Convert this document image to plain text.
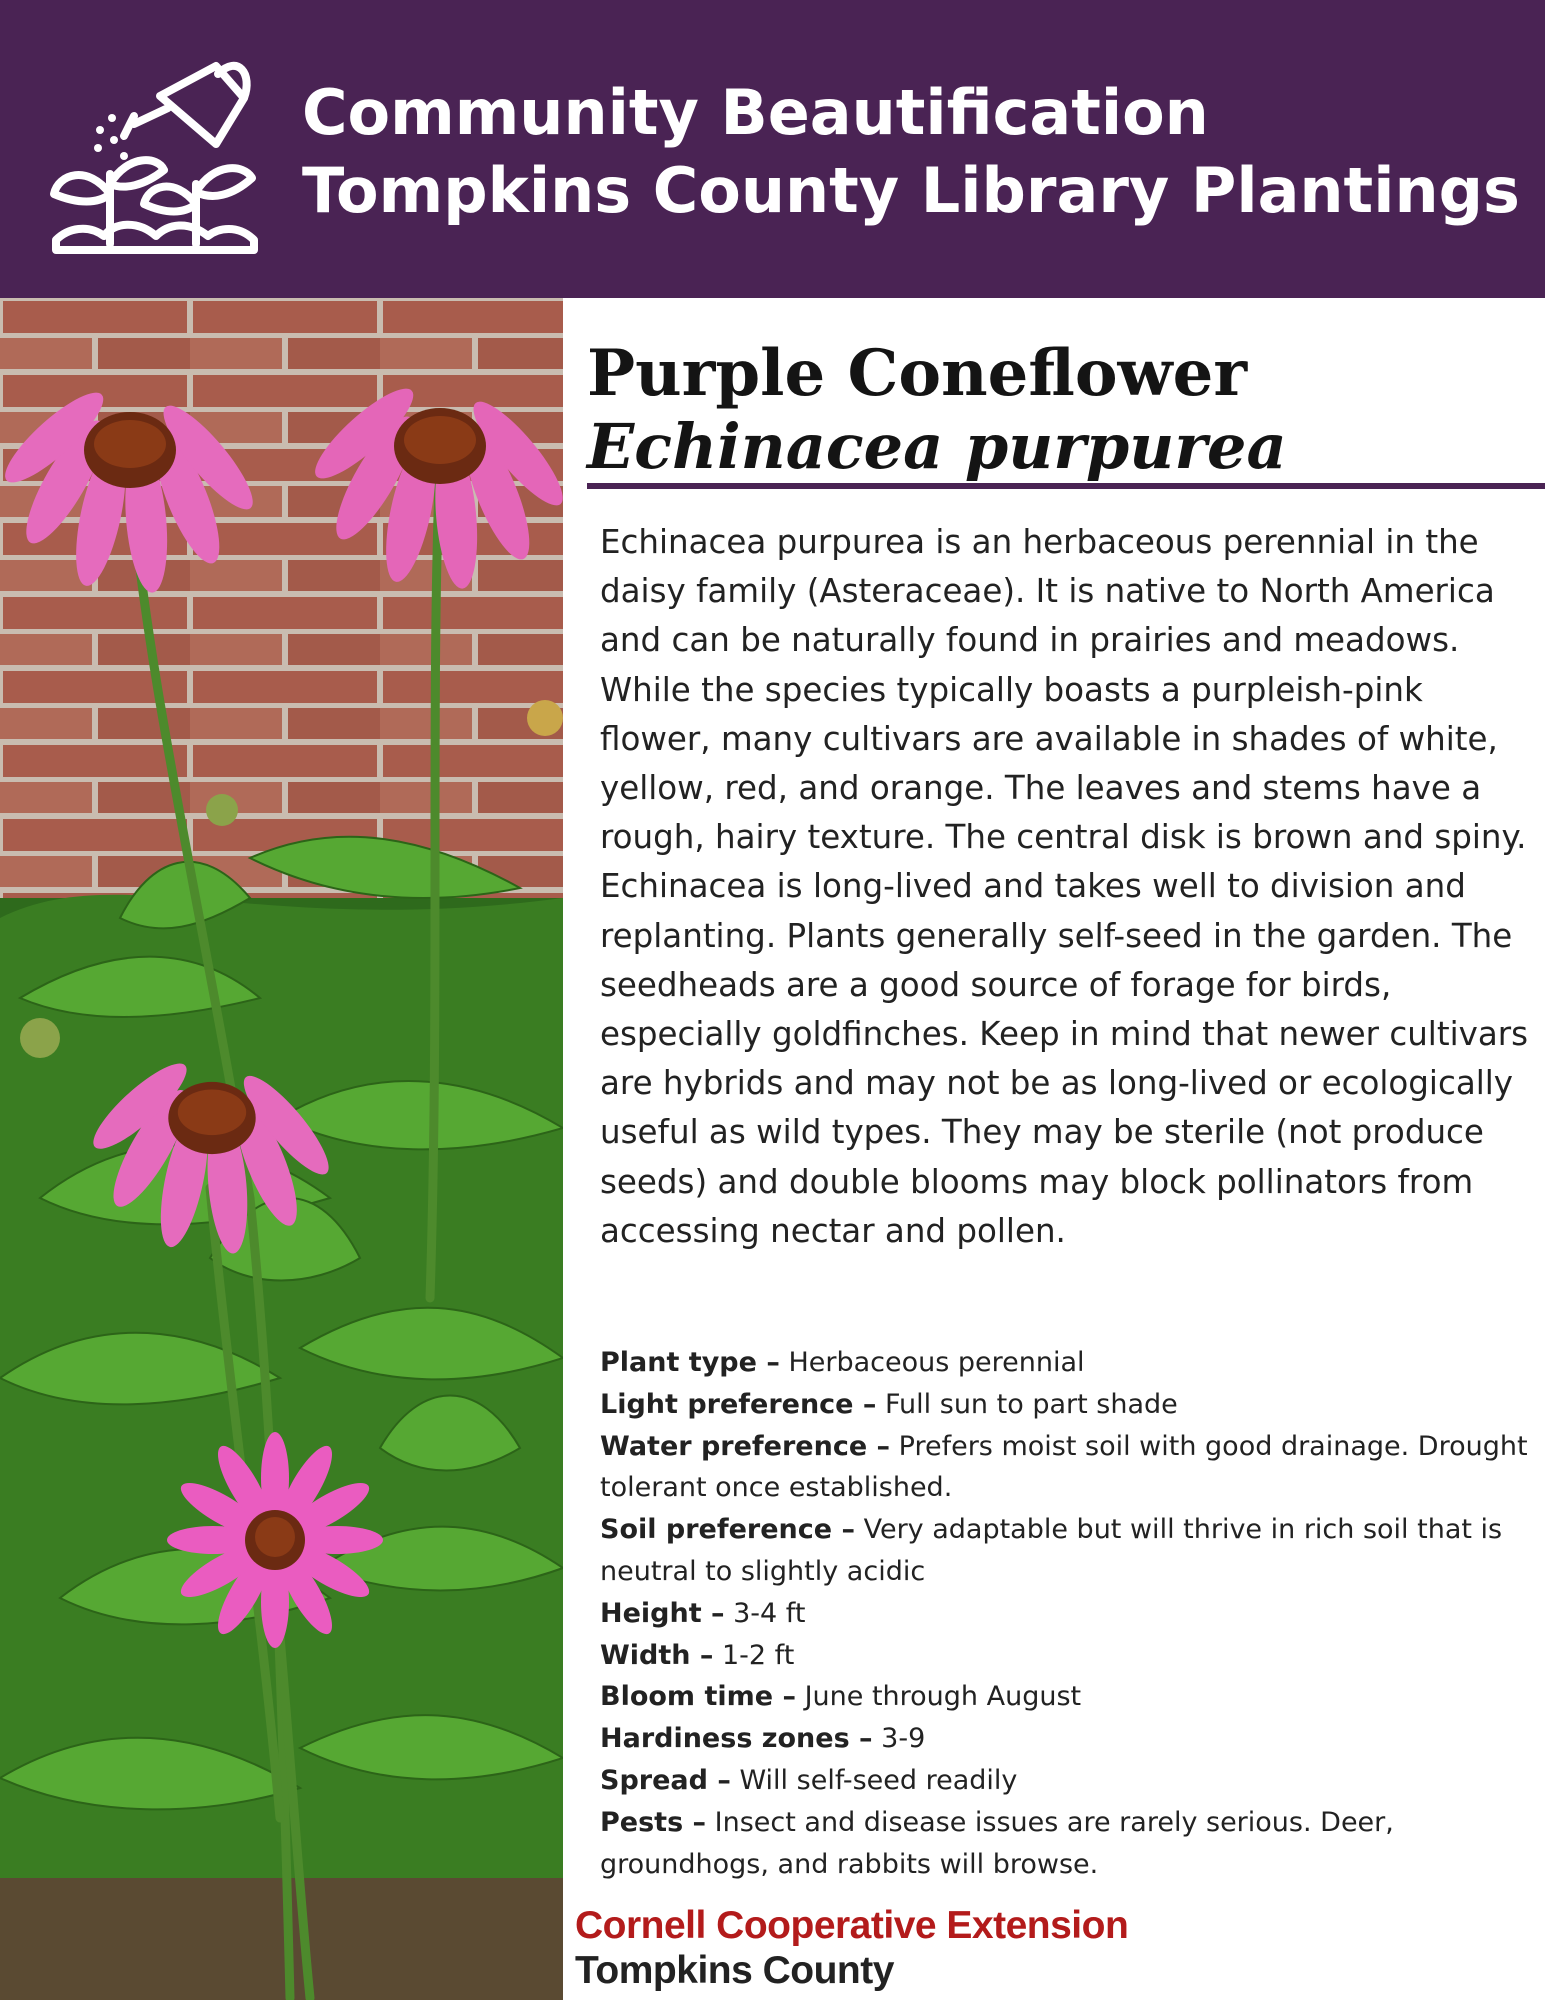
Community Beautification
Tompkins County Library Plantings
Purple Coneflower
Echinacea purpurea
Echinacea purpurea is an herbaceous perennial in the daisy family (Asteraceae). It is native to North America and can be naturally found in prairies and meadows. While the species typically boasts a purpleish-pink flower, many cultivars are available in shades of white, yellow, red, and orange. The leaves and stems have a rough, hairy texture. The central disk is brown and spiny. Echinacea is long-lived and takes well to division and replanting. Plants generally self-seed in the garden. The seedheads are a good source of forage for birds, especially goldfinches. Keep in mind that newer cultivars are hybrids and may not be as long-lived or ecologically useful as wild types. They may be sterile (not produce seeds) and double blooms may block pollinators from accessing nectar and pollen.
Plant type – Herbaceous perennial
Light preference – Full sun to part shade
Water preference – Prefers moist soil with good drainage. Drought tolerant once established.
Soil preference – Very adaptable but will thrive in rich soil that is neutral to slightly acidic
Height – 3-4 ft
Width – 1-2 ft
Bloom time – June through August
Hardiness zones – 3-9
Spread – Will self-seed readily
Pests – Insect and disease issues are rarely serious. Deer, groundhogs, and rabbits will browse.
Cornell Cooperative Extension
Tompkins County
